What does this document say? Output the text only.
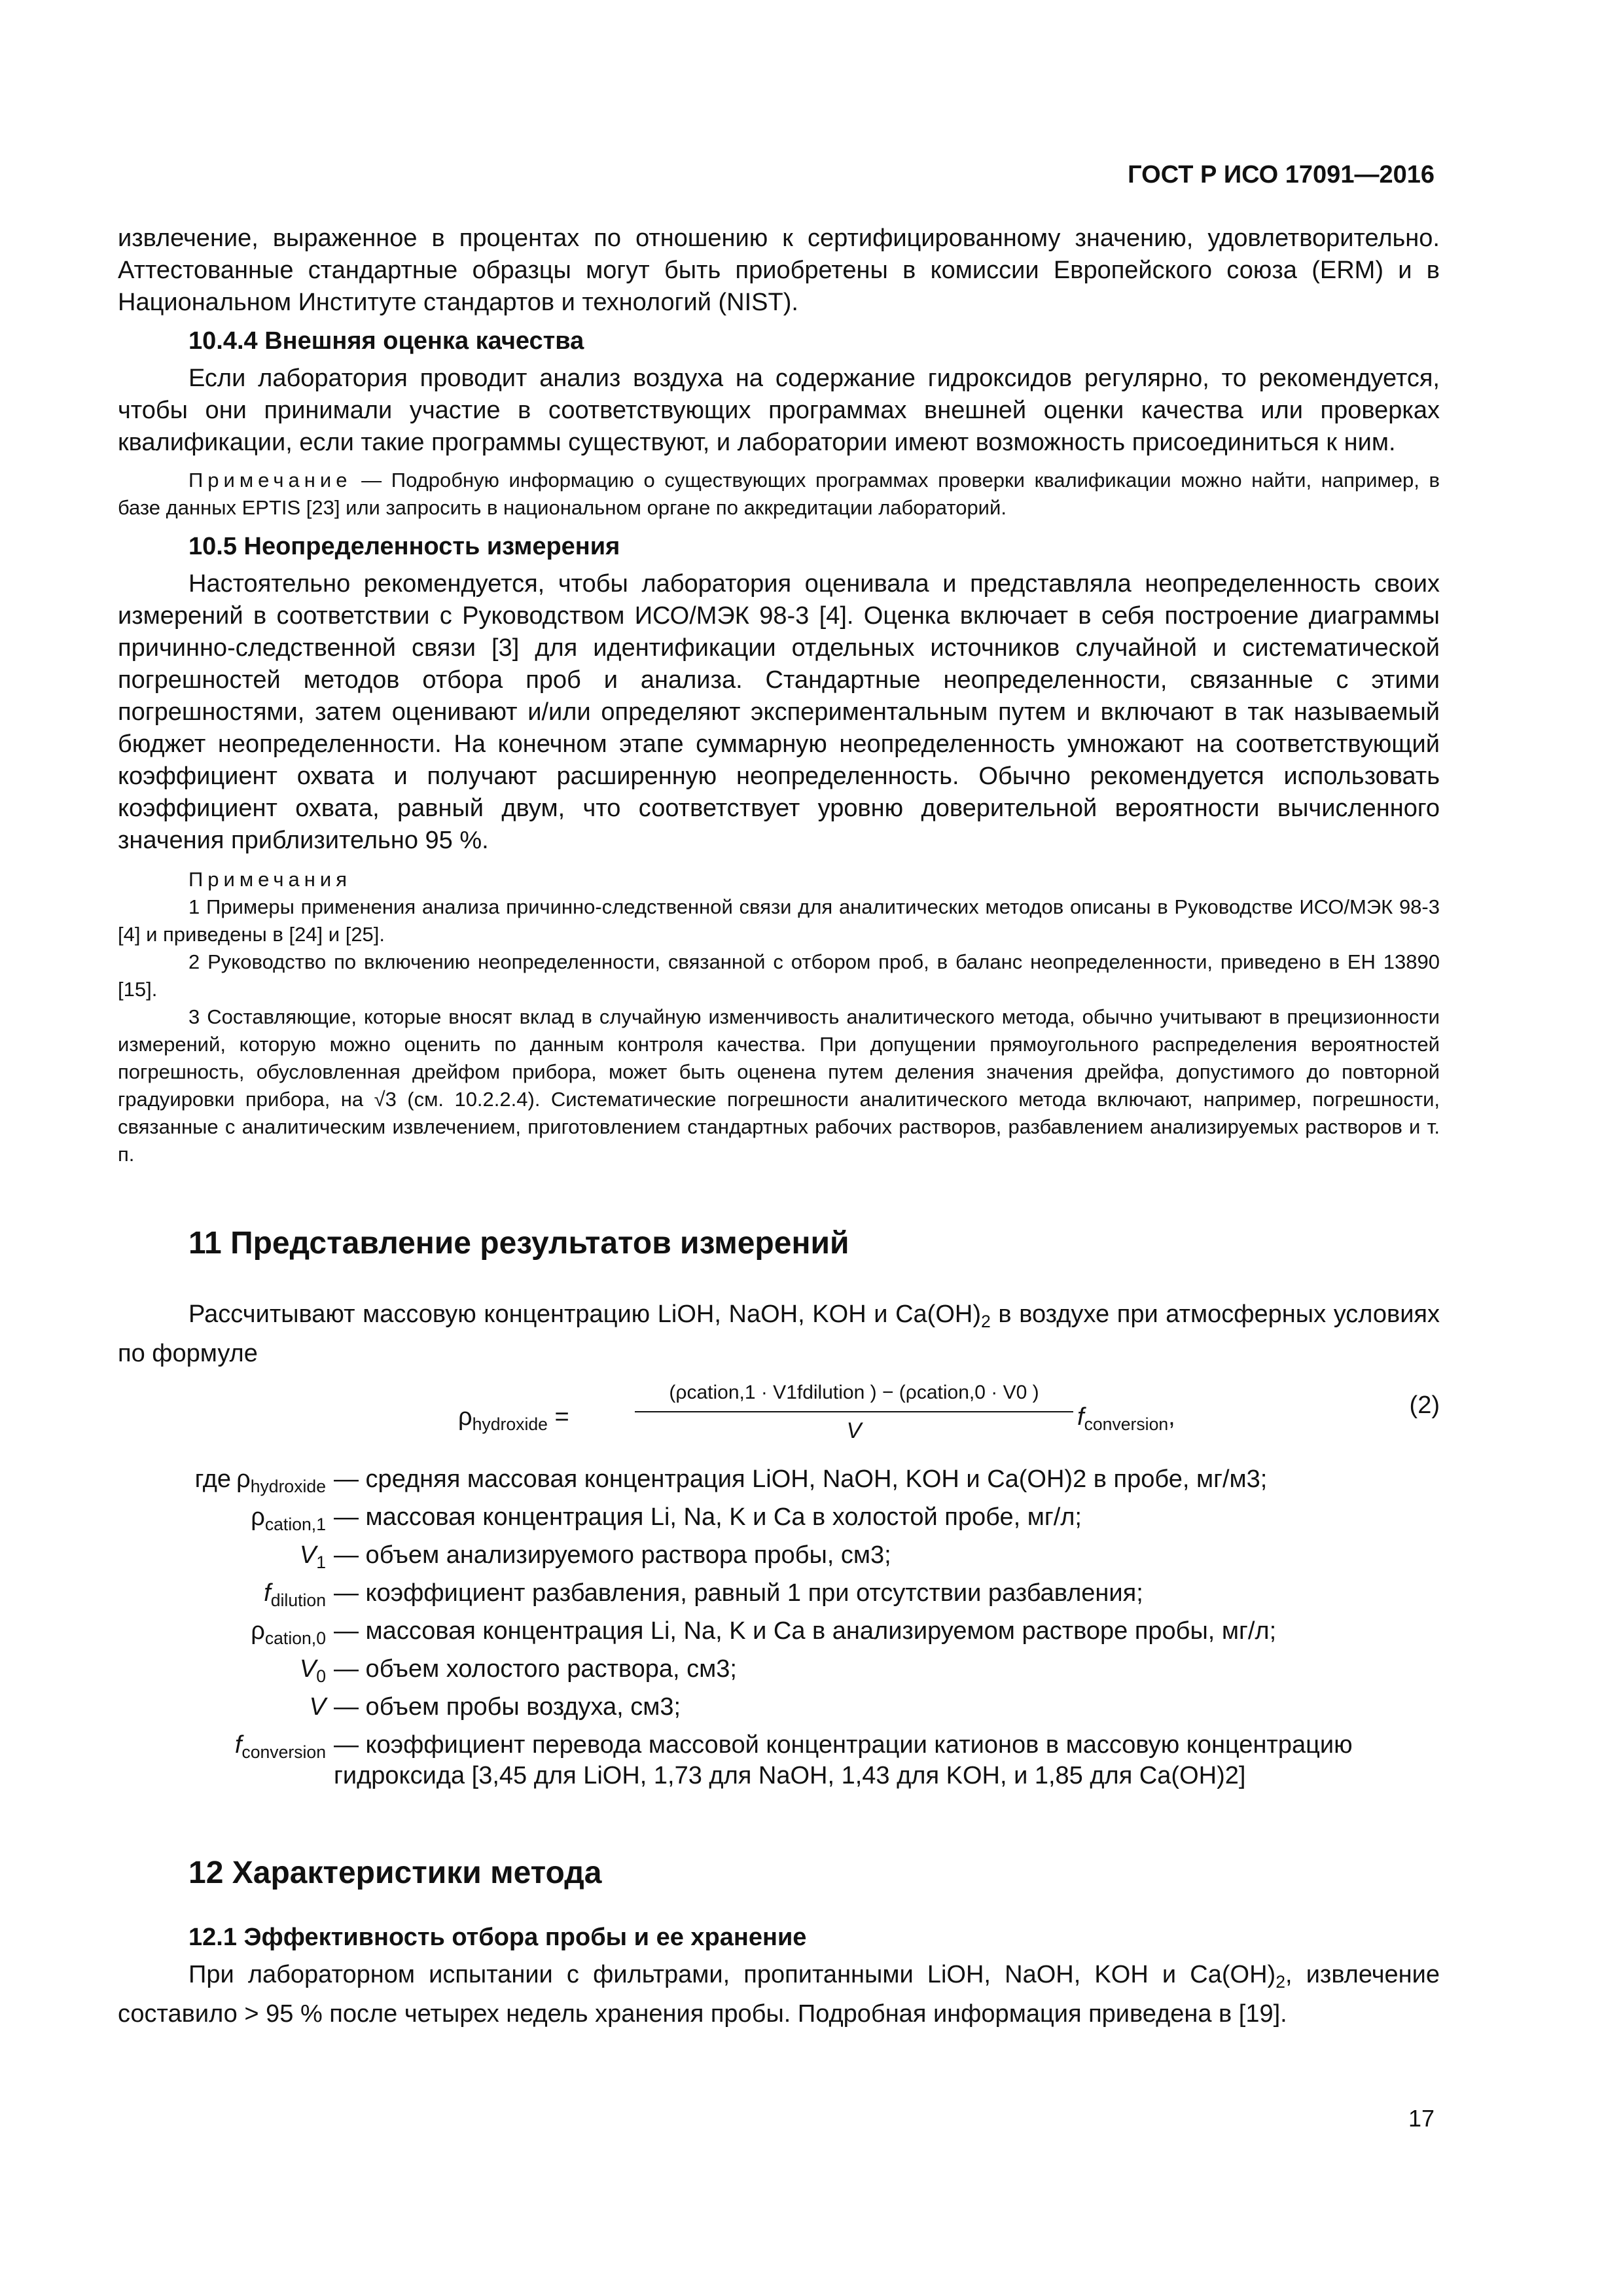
ГОСТ Р ИСО 17091—2016

извлечение, выраженное в процентах по отношению к сертифицированному значению, удовлетворительно. Аттестованные стандартные образцы могут быть приобретены в комиссии Европейского союза (ERM) и в Национальном Институте стандартов и технологий (NIST).

10.4.4 Внешняя оценка качества

Если лаборатория проводит анализ воздуха на содержание гидроксидов регулярно, то рекомендуется, чтобы они принимали участие в соответствующих программах внешней оценки качества или проверках квалификации, если такие программы существуют, и лаборатории имеют возможность присоединиться к ним.

Примечание — Подробную информацию о существующих программах проверки квалификации можно найти, например, в базе данных EPTIS [23] или запросить в национальном органе по аккредитации лабораторий.

10.5 Неопределенность измерения

Настоятельно рекомендуется, чтобы лаборатория оценивала и представляла неопределенность своих измерений в соответствии с Руководством ИСО/МЭК 98-3 [4]. Оценка включает в себя построение диаграммы причинно-следственной связи [3] для идентификации отдельных источников случайной и систематической погрешностей методов отбора проб и анализа. Стандартные неопределенности, связанные с этими погрешностями, затем оценивают и/или определяют экспериментальным путем и включают в так называемый бюджет неопределенности. На конечном этапе суммарную неопределенность умножают на соответствующий коэффициент охвата и получают расширенную неопределенность. Обычно рекомендуется использовать коэффициент охвата, равный двум, что соответствует уровню доверительной вероятности вычисленного значения приблизительно 95 %.

Примечания

1 Примеры применения анализа причинно-следственной связи для аналитических методов описаны в Руководстве ИСО/МЭК 98-3 [4] и приведены в [24] и [25].

2 Руководство по включению неопределенности, связанной с отбором проб, в баланс неопределенности, приведено в ЕН 13890 [15].

3 Составляющие, которые вносят вклад в случайную изменчивость аналитического метода, обычно учитывают в прецизионности измерений, которую можно оценить по данным контроля качества. При допущении прямоугольного распределения вероятностей погрешность, обусловленная дрейфом прибора, может быть оценена путем деления значения дрейфа, допустимого до повторной градуировки прибора, на √3 (см. 10.2.2.4). Систематические погрешности аналитического метода включают, например, погрешности, связанные с аналитическим извлечением, приготовлением стандартных рабочих растворов, разбавлением анализируемых растворов и т. п.

11 Представление результатов измерений

Рассчитывают массовую концентрацию LiOH, NaOH, KOH и $Ca(OH)_2$ в воздухе при атмосферных условиях по формуле

$\rho_{hydroxide}$ =
(ρcation,1 · V1fdilution ) − (ρcation,0 · V0 )
V	$f_{conversion}$,	(2)
где $\rho_{hydroxide}$ — средняя массовая концентрация LiOH, NaOH, KOH и Ca(OH)2 в пробе, мг/м3;
$\rho_{cation,1}$ — массовая концентрация Li, Na, K и Ca в холостой пробе, мг/л;
$V_1$ — объем анализируемого раствора пробы, см3;
$f_{dilution}$ — коэффициент разбавления, равный 1 при отсутствии разбавления;
$\rho_{cation,0}$ — массовая концентрация Li, Na, K и Ca в анализируемом растворе пробы, мг/л;
$V_0$ — объем холостого раствора, см3;
V — объем пробы воздуха, см3;
$f_{conversion}$ — коэффициент перевода массовой концентрации катионов в массовую концентрацию гидроксида [3,45 для LiOH, 1,73 для NaOH, 1,43 для KOH, и 1,85 для Ca(OH)2]
12 Характеристики метода
12.1 Эффективность отбора пробы и ее хранение

При лабораторном испытании с фильтрами, пропитанными LiOH, NaOH, KOH и $Ca(OH)_2$, извлечение составило > 95 % после четырех недель хранения пробы. Подробная информация приведена в [19].

17
